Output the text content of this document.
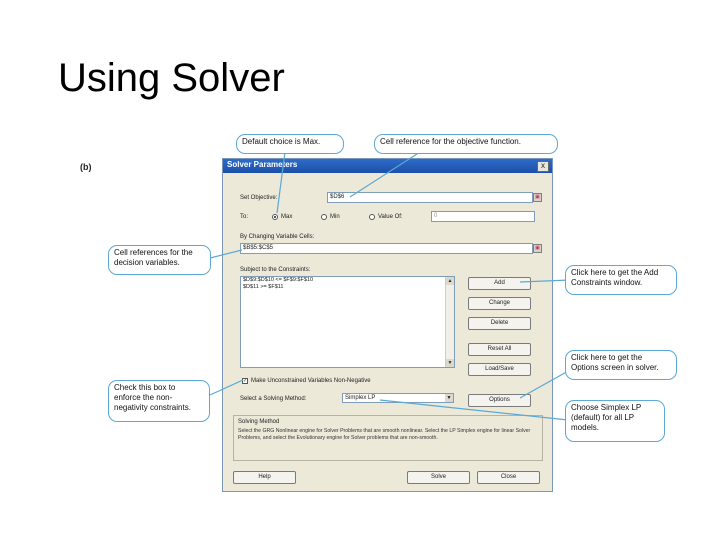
Using Solver
(b)	Solver Parameters	x
Set Objective:	$D$6	▣
To:	Max	Min	Value Of:	0
By Changing Variable Cells:
$B$5:$C$5	▣
Subject to the Constraints:
$D$9:$D$10 <= $F$9:$F$10
$D$11 >= $F$11
▲
▼
Add
Change
Delete
Reset All
Load/Save
✓ Make Unconstrained Variables Non-Negative
Select a Solving Method:	Simplex LP	▼	Options
Solving Method
Select the GRG Nonlinear engine for Solver Problems that are smooth nonlinear. Select the LP Simplex engine for linear Solver Problems, and select the Evolutionary engine for Solver problems that are non-smooth.
Help	Solve	Close
Default choice is Max.	Cell reference for the objective function.
Cell references for the decision variables.
Click here to get the Add Constraints window.
Click here to get the Options screen in solver.
Check this box to enforce the non-negativity constraints.	Choose Simplex LP (default) for all LP models.
